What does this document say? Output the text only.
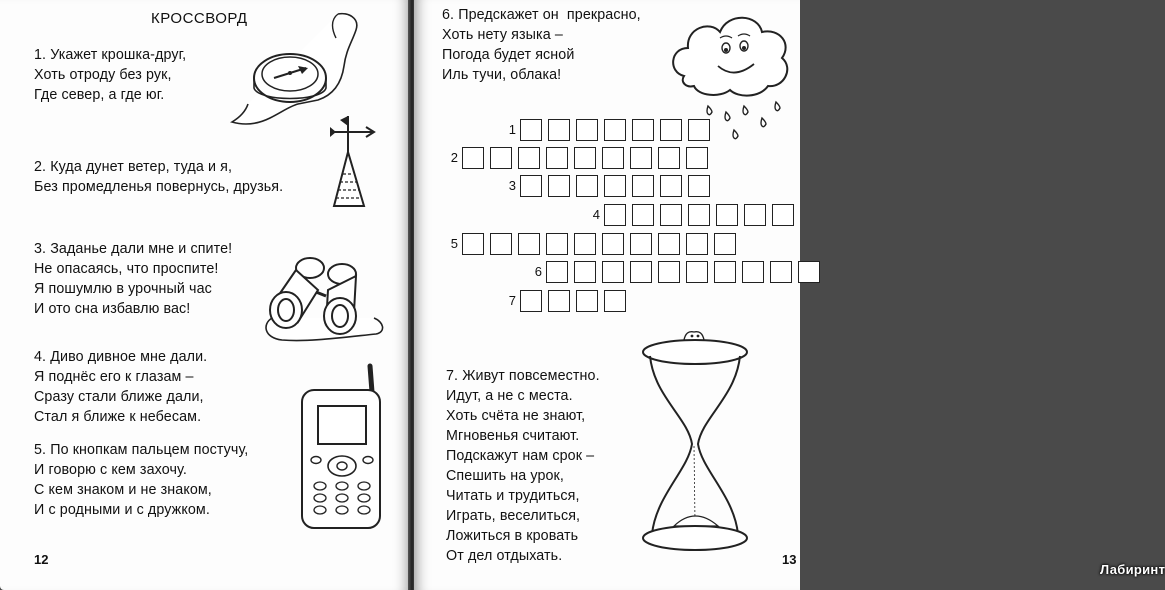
КРОССВОРД
1. Укажет крошка-друг,
Хоть отроду без рук,
Где север, а где юг.
2. Куда дунет ветер, туда и я,
Без промедленья повернусь, друзья.
3. Заданье дали мне и спите!
Не опасаясь, что проспите!
Я пошумлю в урочный час
И ото сна избавлю вас!
4. Диво дивное мне дали.
Я поднёс его к глазам –
Сразу стали ближе дали,
Стал я ближе к небесам.
5. По кнопкам пальцем постучу,
И говорю с кем захочу.
С кем знаком и не знаком,
И с родными и с дружком.
12
6. Предскажет он  прекрасно,
Хоть нету языка –
Погода будет ясной
Иль тучи, облака!
7. Живут повсеместно.
Идут, а не с места.
Хоть счёта не знают,
Мгновенья считают.
Подскажут нам срок –
Спешить на урок,
Читать и трудиться,
Играть, веселиться,
Ложиться в кровать
От дел отдыхать.	13
1
2
3
4
5
6
7
Лабиринт
